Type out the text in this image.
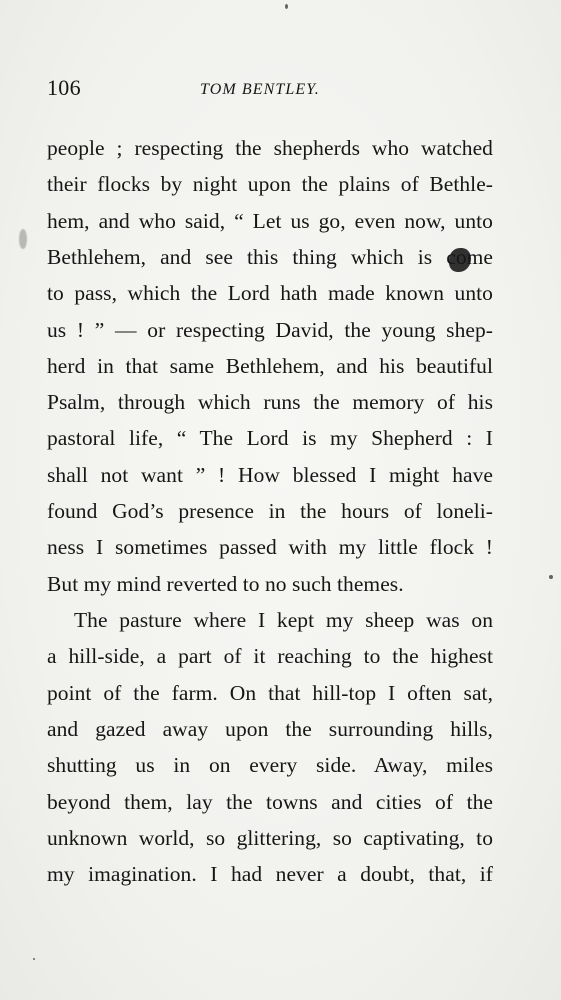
106	TOM BENTLEY.
people ; respecting the shepherds who watched
their flocks by night upon the plains of Bethle-
hem, and who said, “ Let us go, even now, unto
Bethlehem, and see this thing which is come
to pass, which the Lord hath made known unto
us ! ” — or respecting David, the young shep-
herd in that same Bethlehem, and his beautiful
Psalm, through which runs the memory of his
pastoral life, “ The Lord is my Shepherd : I
shall not want ” ! How blessed I might have
found God’s presence in the hours of loneli-
ness I sometimes passed with my little flock !
But my mind reverted to no such themes.
The pasture where I kept my sheep was on
a hill-side, a part of it reaching to the highest
point of the farm. On that hill-top I often sat,
and gazed away upon the surrounding hills,
shutting us in on every side. Away, miles
beyond them, lay the towns and cities of the
unknown world, so glittering, so captivating, to
my imagination. I had never a doubt, that, if
